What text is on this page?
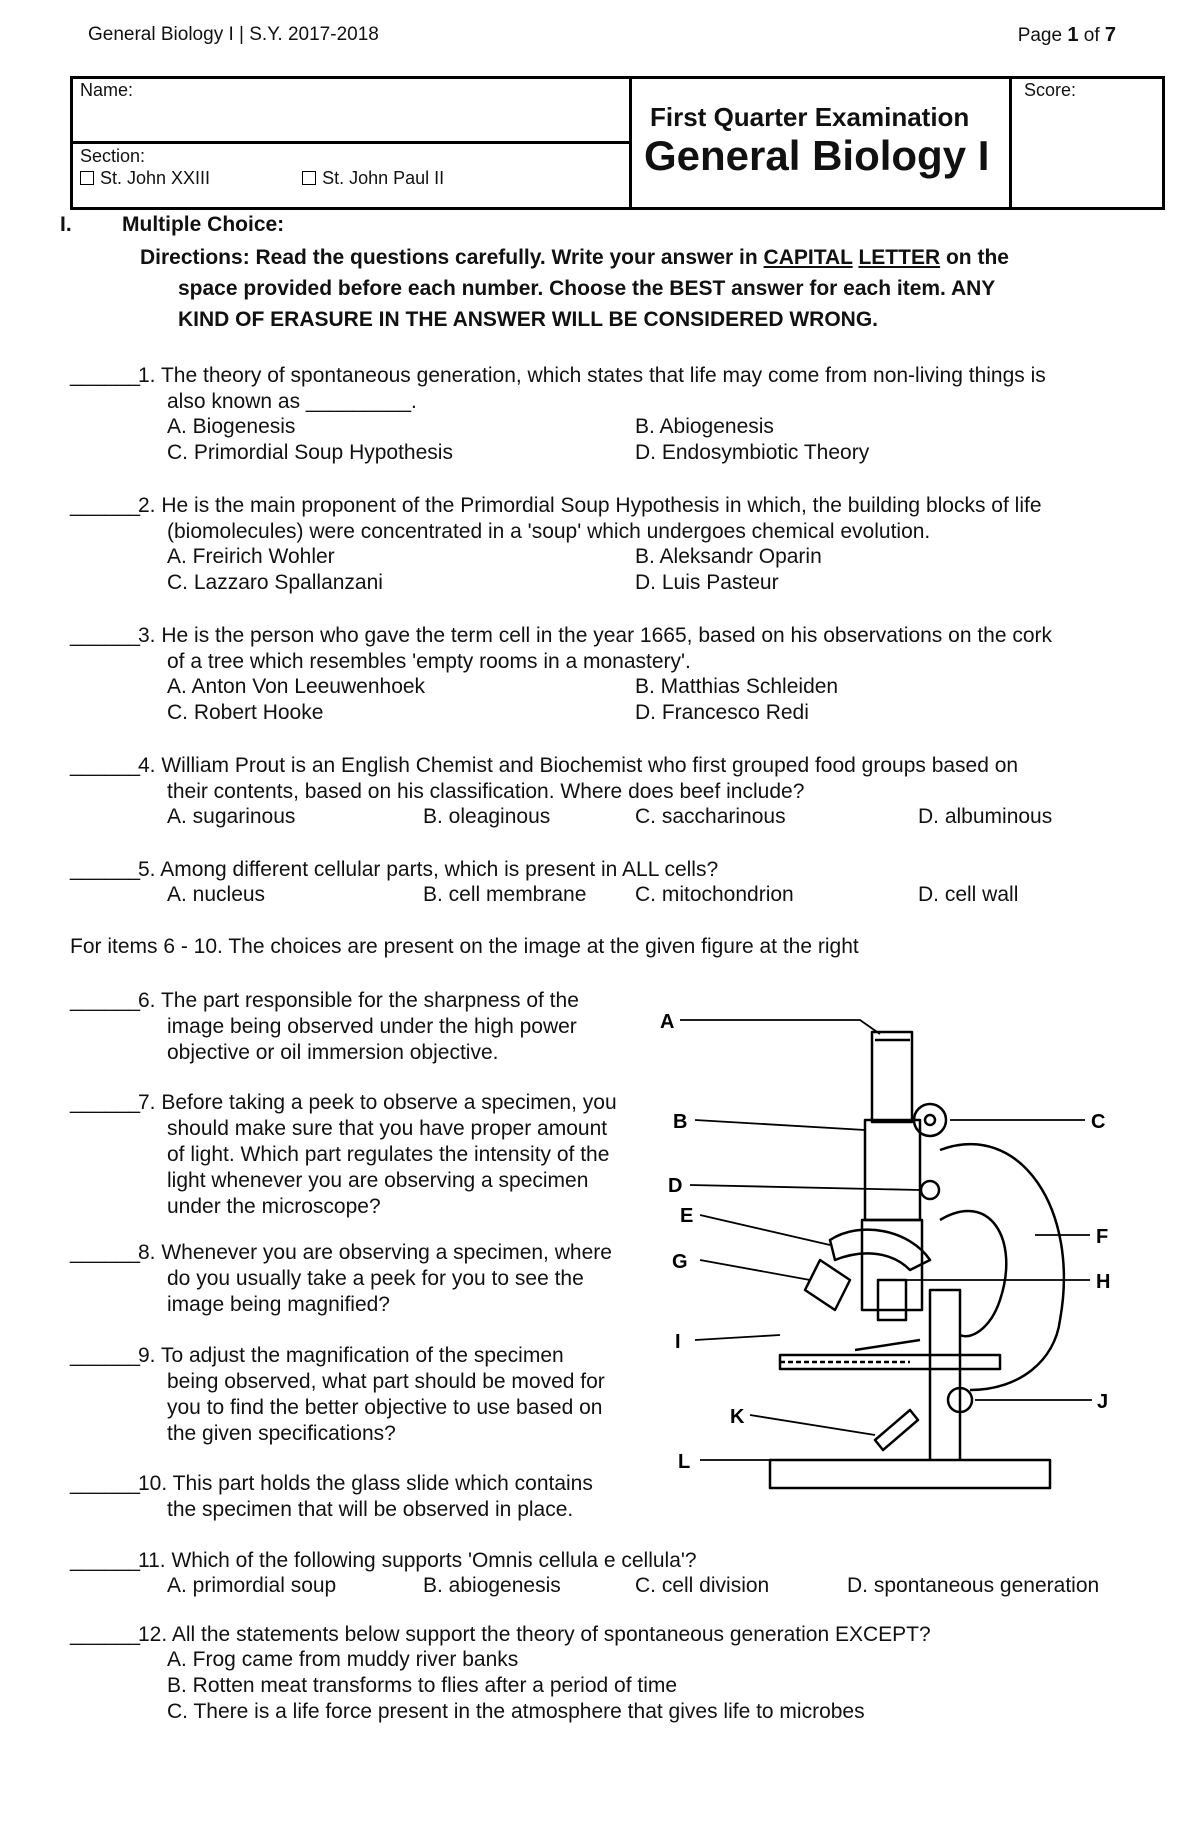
General Biology I | S.Y. 2017-2018	Page 1 of 7
Name:
Section:
St. John XXIII	St. John Paul II
First Quarter Examination
General Biology I
Score:
I. Multiple Choice:
Directions: Read the questions carefully. Write your answer in CAPITAL LETTER on the
space provided before each number. Choose the BEST answer for each item. ANY
KIND OF ERASURE IN THE ANSWER WILL BE CONSIDERED WRONG.
______
1. The theory of spontaneous generation, which states that life may come from non-living things is
also known as _________.
A. Biogenesis	B. Abiogenesis
C. Primordial Soup Hypothesis	D. Endosymbiotic Theory
______
2. He is the main proponent of the Primordial Soup Hypothesis in which, the building blocks of life
(biomolecules) were concentrated in a 'soup' which undergoes chemical evolution.
A. Freirich Wohler	B. Aleksandr Oparin
C. Lazzaro Spallanzani	D. Luis Pasteur
______
3. He is the person who gave the term cell in the year 1665, based on his observations on the cork
of a tree which resembles 'empty rooms in a monastery'.
A. Anton Von Leeuwenhoek	B. Matthias Schleiden
C. Robert Hooke	D. Francesco Redi
______
4. William Prout is an English Chemist and Biochemist who first grouped food groups based on
their contents, based on his classification. Where does beef include?
A. sugarinous	B. oleaginous	C. saccharinous	D. albuminous
______
5. Among different cellular parts, which is present in ALL cells?
A. nucleus	B. cell membrane C. mitochondrion	D. cell wall
For items 6 - 10. The choices are present on the image at the given figure at the right
______
6. The part responsible for the sharpness of the
image being observed under the high power
objective or oil immersion objective.
______
7. Before taking a peek to observe a specimen, you
should make sure that you have proper amount
of light. Which part regulates the intensity of the
light whenever you are observing a specimen
under the microscope?
______
8. Whenever you are observing a specimen, where
do you usually take a peek for you to see the
image being magnified?
______
9. To adjust the magnification of the specimen
being observed, what part should be moved for
you to find the better objective to use based on
the given specifications?
______
10. This part holds the glass slide which contains
the specimen that will be observed in place.
A
B	C
D
E
F
G
H
I
J
K
L
______
11. Which of the following supports 'Omnis cellula e cellula'?
A. primordial soup	B. abiogenesis	C. cell division	D. spontaneous generation
______
12. All the statements below support the theory of spontaneous generation EXCEPT?
A. Frog came from muddy river banks
B. Rotten meat transforms to flies after a period of time
C. There is a life force present in the atmosphere that gives life to microbes
